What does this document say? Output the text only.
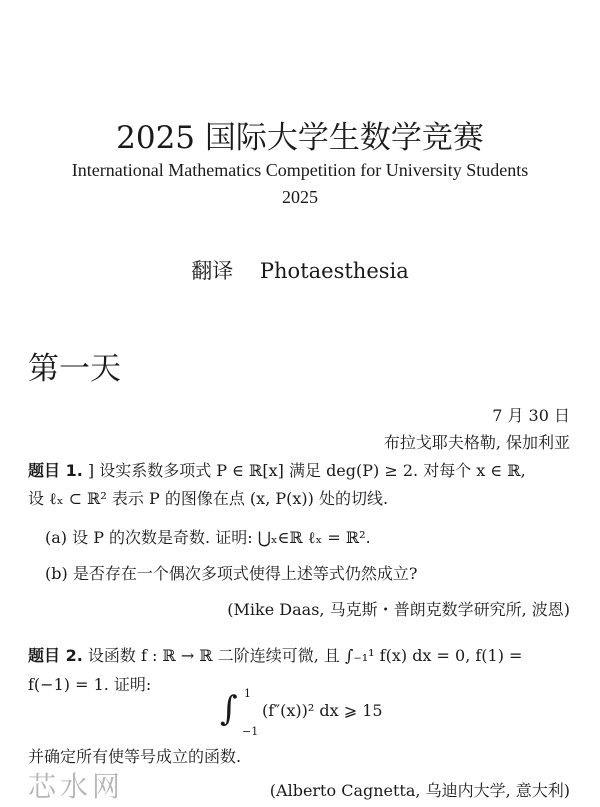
2025 国际大学生数学竞赛
International Mathematics Competition for University Students
2025
翻译    Photaesthesia
第一天
7 月 30 日
布拉戈耶夫格勒, 保加利亚
题目 1. ] 设实系数多项式 P ∈ ℝ[x] 满足 deg(P) ≥ 2. 对每个 x ∈ ℝ,
设 ℓₓ ⊂ ℝ² 表示 P 的图像在点 (x, P(x)) 处的切线.
(a) 设 P 的次数是奇数. 证明: ⋃ₓ∈ℝ ℓₓ = ℝ².
(b) 是否存在一个偶次多项式使得上述等式仍然成立?
(Mike Daas, 马克斯・普朗克数学研究所, 波恩)
题目 2. 设函数 f : ℝ → ℝ 二阶连续可微, 且 ∫₋₁¹ f(x) dx = 0, f(1) =
f(−1) = 1. 证明:
∫ 1
−1
(f″(x))² dx ⩾ 15
并确定所有使等号成立的函数.
(Alberto Cagnetta, 乌迪内大学, 意大利)
芯水网
